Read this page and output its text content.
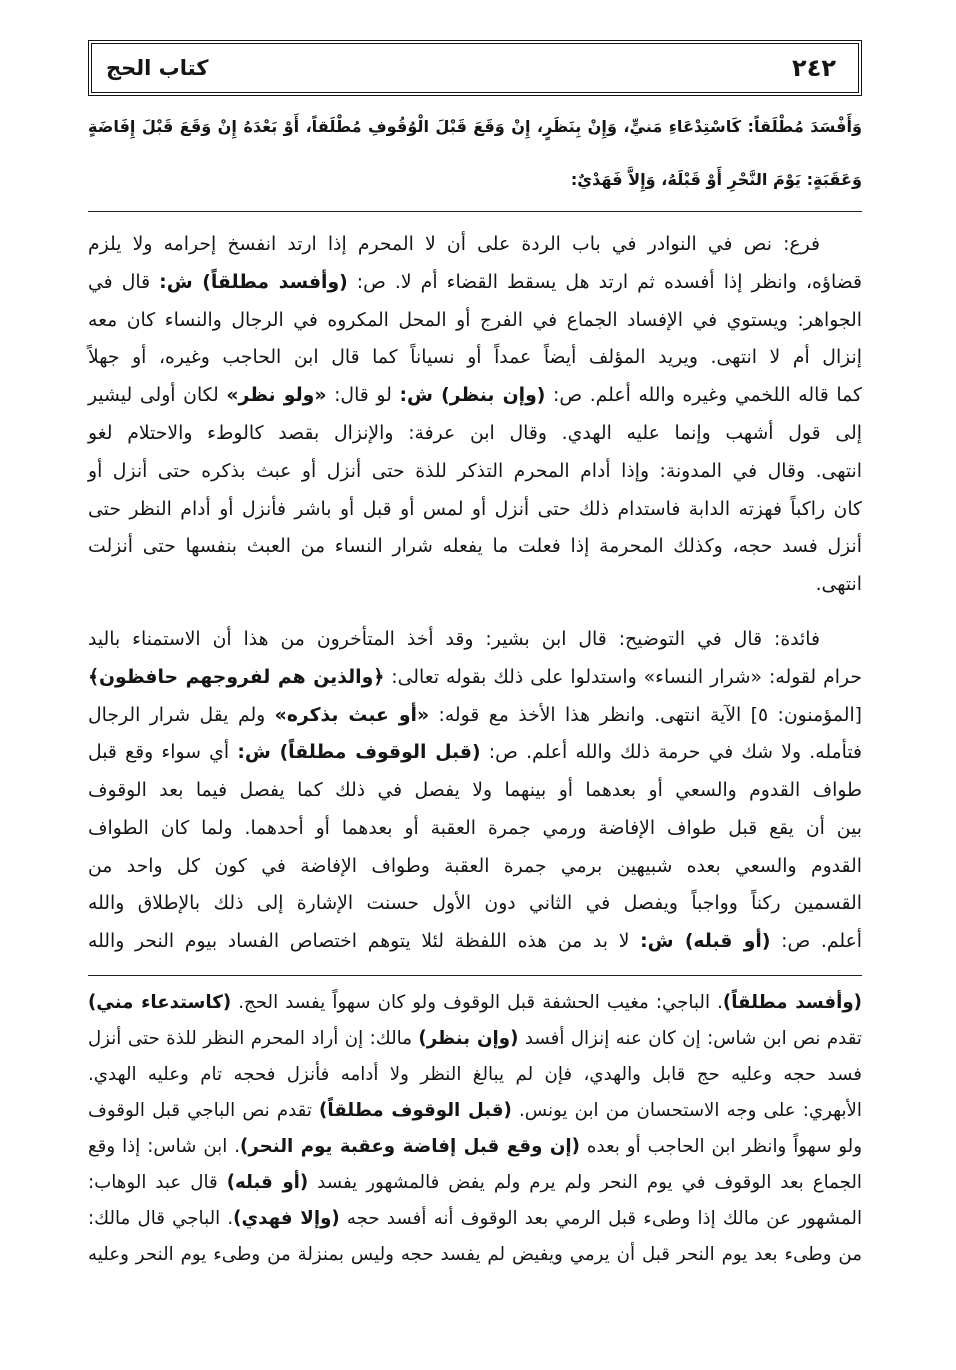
٢٤٢
كتاب الحج
وَأَفْسَدَ مُطْلَقاً: كَاسْتِدْعَاءِ مَنيٍّ، وَإِنْ بِنَظَرٍ، إِنْ وَقَعَ قَبْلَ الْوُقُوفِ مُطْلَقاً، أَوْ بَعْدَهُ إِنْ وَقَعَ قَبْلَ إِفَاضَةٍ
وَعَقَبَةٍ: يَوْمَ النَّحْرِ أَوْ قَبْلَهُ، وَإِلاَّ فَهَدْيٌ:
فرع: نص في النوادر في باب الردة على أن لا المحرم إذا ارتد انفسخ إحرامه ولا يلزم
قضاؤه، وانظر إذا أفسده ثم ارتد هل يسقط القضاء أم لا. ص: (وأفسد مطلقاً) ش: قال في
الجواهر: ويستوي في الإفساد الجماع في الفرج أو المحل المكروه في الرجال والنساء كان معه
إنزال أم لا انتهى. ويريد المؤلف أيضاً عمداً أو نسياناً كما قال ابن الحاجب وغيره، أو جهلاً
كما قاله اللخمي وغيره والله أعلم. ص: (وإن بنظر) ش: لو قال: «ولو نظر» لكان أولى ليشير
إلى قول أشهب وإنما عليه الهدي. وقال ابن عرفة: والإنزال بقصد كالوطء والاحتلام لغو
انتهى. وقال في المدونة: وإذا أدام المحرم التذكر للذة حتى أنزل أو عبث بذكره حتى أنزل أو
كان راكباً فهزته الدابة فاستدام ذلك حتى أنزل أو لمس أو قبل أو باشر فأنزل أو أدام النظر حتى
أنزل فسد حجه، وكذلك المحرمة إذا فعلت ما يفعله شرار النساء من العبث بنفسها حتى أنزلت
انتهى.
فائدة: قال في التوضيح: قال ابن بشير: وقد أخذ المتأخرون من هذا أن الاستمناء باليد
حرام لقوله: «شرار النساء» واستدلوا على ذلك بقوله تعالى: ﴿والذين هم لفروجهم حافظون﴾
[المؤمنون: ٥] الآية انتهى. وانظر هذا الأخذ مع قوله: «أو عبث بذكره» ولم يقل شرار الرجال
فتأمله. ولا شك في حرمة ذلك والله أعلم. ص: (قبل الوقوف مطلقاً) ش: أي سواء وقع قبل
طواف القدوم والسعي أو بعدهما أو بينهما ولا يفصل في ذلك كما يفصل فيما بعد الوقوف
بين أن يقع قبل طواف الإفاضة ورمي جمرة العقبة أو بعدهما أو أحدهما. ولما كان الطواف
القدوم والسعي بعده شبيهين برمي جمرة العقبة وطواف الإفاضة في كون كل واحد من
القسمين ركناً وواجباً ويفصل في الثاني دون الأول حسنت الإشارة إلى ذلك بالإطلاق والله
أعلم. ص: (أو قبله) ش: لا بد من هذه اللفظة لئلا يتوهم اختصاص الفساد بيوم النحر والله
(وأفسد مطلقاً). الباجي: مغيب الحشفة قبل الوقوف ولو كان سهواً يفسد الحج. (كاستدعاء مني)
تقدم نص ابن شاس: إن كان عنه إنزال أفسد (وإن بنظر) مالك: إن أراد المحرم النظر للذة حتى أنزل
فسد حجه وعليه حج قابل والهدي، فإن لم يبالغ النظر ولا أدامه فأنزل فحجه تام وعليه الهدي.
الأبهري: على وجه الاستحسان من ابن يونس. (قبل الوقوف مطلقاً) تقدم نص الباجي قبل الوقوف
ولو سهواً وانظر ابن الحاجب أو بعده (إن وقع قبل إفاضة وعقبة يوم النحر). ابن شاس: إذا وقع
الجماع بعد الوقوف في يوم النحر ولم يرم ولم يفض فالمشهور يفسد (أو قبله) قال عبد الوهاب:
المشهور عن مالك إذا وطىء قبل الرمي بعد الوقوف أنه أفسد حجه (وإلا فهدي). الباجي قال مالك:
من وطىء بعد يوم النحر قبل أن يرمي ويفيض لم يفسد حجه وليس بمنزلة من وطىء يوم النحر وعليه
